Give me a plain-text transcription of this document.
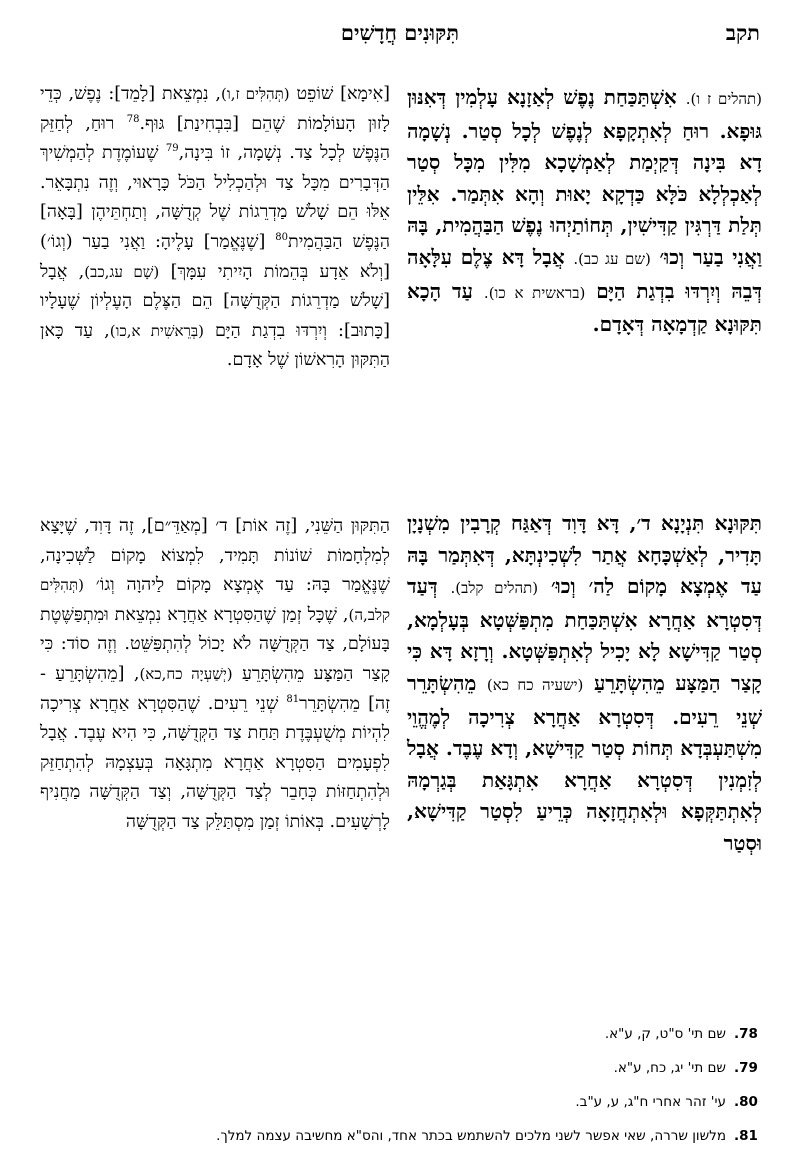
תקב
תִּקּוּנִים חֲדָשִׁים

(תהלים ז ו). אִשְׁתַּכַּחַת נֶפֶשׁ לְאַזָנָא עָלְמִין דְּאִנּוּן גּוּפָא. רוּחַ לְאִתְקָפָא לְנֶפֶשׁ לְכָל סְטַר. נְשָׁמָה דָא בִּינָה דְּקַיְמַת לְאַמְשָׁכָא מִלִּין מִכָּל סְטַר לְאַכְלְלָא כֹּלָּא כַּדְקָא יָאוּת וְהָא אִתְּמַר. אִלֵּין תְּלַת דַּרְגִּין קַדִּישִׁין, תְּחוֹתַיְהוּ נֶפֶשׁ הַבַּהֲמִית, בָּהּ וַאֲנִי בַעַר וְכוּ׳ (שם עג כב). אֲבָל דָּא צֶלֶם עִלָּאָה דְּבֵהּ וְיִרְדּוּ בִדְגַת הַיָּם (בראשית א כו). עַד הָכָא תִּקּוּנָא קַדְמָאָה דְּאָדָם.

תִּקּוּנָא תִּנְיָנָא ד׳, דָּא דָּוִד דְּאַגַּח קְרָבִין מִשְׁנָיָן תָּדִיר, לְאַשְׁכָּחָא אֲתַר לִשְׁכִינְתָּא, דְּאִתְּמַר בָּהּ עַד אֶמְצָא מָקוֹם לַה׳ וְכוּ׳ (תהלים קלב). דְּעַד דְּסִטְרָא אַחֲרָא אִשְׁתַּכַּחַת מִתְפַּשְּׁטָא בְּעָלְמָא, סְטַר קַדִּישָׁא לָא יָכִיל לְאִתְפַּשְּׁטָא. וְרָזָא דָּא כִּי קָצַר הַמַּצָּע מֵהִשְׂתָּרֵעַ (ישעיה כח כא) מֵהִשְׂתָּרֵר שְׁנֵי רֵעִים. דְּסִטְרָא אַחֲרָא צְרִיכָה לְמֶהֱוֵי מִשְׁתַּעְבְּדָא תְּחוֹת סְטַר קַדִּישָׁא, וְדָא עֶבֶד. אֲבָל לְזִמְנִין דְּסִטְרָא אַחֲרָא אִתְגָּאַת בְּגַרְמָהּ לְאִתְתַּקְּפָא וּלְאִתְחֲזָאָה כְּרֵיעַ לִסְטַר קַדִּישָׁא, וּסְטַר

[אִימָא] שׁוֹפֵט (תְּהִלִּים ז,ו), נִמְצֵאת [לָמֵד]: נֶפֶשׁ, כְּדֵי לָזוּן הָעוֹלָמוֹת שֶׁהֵם [בִּבְחִינַת] גּוּף.$^{78}$ רוּחַ, לְחַזֵּק הַנֶּפֶשׁ לְכָל צַד. נְשָׁמָה, זוֹ בִּינָה,$^{79}$ שֶׁעוֹמֶדֶת לְהַמְשִׁיךְ הַדְּבָרִים מִכָּל צַד וּלְהַכְלִיל הַכֹּל כָּרָאוּי, וְזֶה נִתְבָּאֵר. אֵלּוּ הֵם שָׁלֹשׁ מַדְרֵגוֹת שֶׁל קְדֻשָּׁה, וְתַחְתֵּיהֶן [בָּאָה] הַנֶּפֶשׁ הַבַּהֲמִית$^{80}$ [שֶׁנֶּאֱמַר] עָלֶיהָ: וַאֲנִי בַעַר (וְגוֹ׳) [וְלֹא אֵדָע בְּהֵמוֹת הָיִיתִי עִמָּךְ] (שָׁם עג,כב), אֲבָל [שָׁלֹשׁ מַדְרֵגוֹת הַקְּדֻשָּׁה] הֵם הַצֶּלֶם הָעֶלְיוֹן שֶׁעָלָיו [כָּתוּב]: וְיִרְדּוּ בִדְגַת הַיָּם (בְּרֵאשִׁית א,כו), עַד כָּאן הַתִּקּוּן הָרִאשׁוֹן שֶׁל אָדָם.

הַתִּקּוּן הַשֵּׁנִי, [זֶה אוֹת] ד׳ [מְאַדֵּ״ם], זֶה דָּוִד, שֶׁיָּצָא לְמִלְחָמוֹת שׁוֹנוֹת תָּמִיד, לִמְצוֹא מָקוֹם לַשְּׁכִינָה, שֶׁנֶּאֱמַר בָּהּ: עַד אֶמְצָא מָקוֹם לַיהוָה וְגוֹ׳ (תְּהִלִּים קלב,ה), שֶׁכָּל זְמַן שֶׁהַסִּטְרָא אַחֲרָא נִמְצֵאת וּמִתְפַּשֶּׁטֶת בָּעוֹלָם, צַד הַקְּדֻשָּׁה לֹא יָכוֹל לְהִתְפַּשֵּׁט. וְזֶה סוֹד: כִּי קָצַר הַמַּצָּע מֵהִשְׂתָּרֵעַ (יְשַׁעְיָה כח,כא), [מֵהִשְׂתָּרֵעַ - זֶה] מֵהִשְׂתָּרֵר$^{81}$ שְׁנֵי רֵעִים. שֶׁהַסִּטְרָא אַחֲרָא צְרִיכָה לִהְיוֹת מְשֻׁעְבֶּדֶת תַּחַת צַד הַקְּדֻשָּׁה, כִּי הִיא עֶבֶד. אֲבָל לִפְעָמִים הַסִּטְרָא אַחֲרָא מִתְגָּאָה בְּעַצְמָהּ לְהִתְחַזֵּק וּלְהִתְחַזּוֹת כְּחָבֵר לְצַד הַקְּדֻשָּׁה, וְצַד הַקְּדֻשָּׁה מַחֲנִיף לָרְשָׁעִים. בְּאוֹתוֹ זְמַן מִסְתַּלֵּק צַד הַקְּדֻשָּׁה

78.שם תי' ס"ט, ק, ע"א.
79.שם תי' יג, כח, ע"א.
80.עי' זהר אחרי ח"ג, ע, ע"ב.
81.מלשון שררה, שאי אפשר לשני מלכים להשתמש בכתר אחד, והס"א מחשיבה עצמה למלך.
